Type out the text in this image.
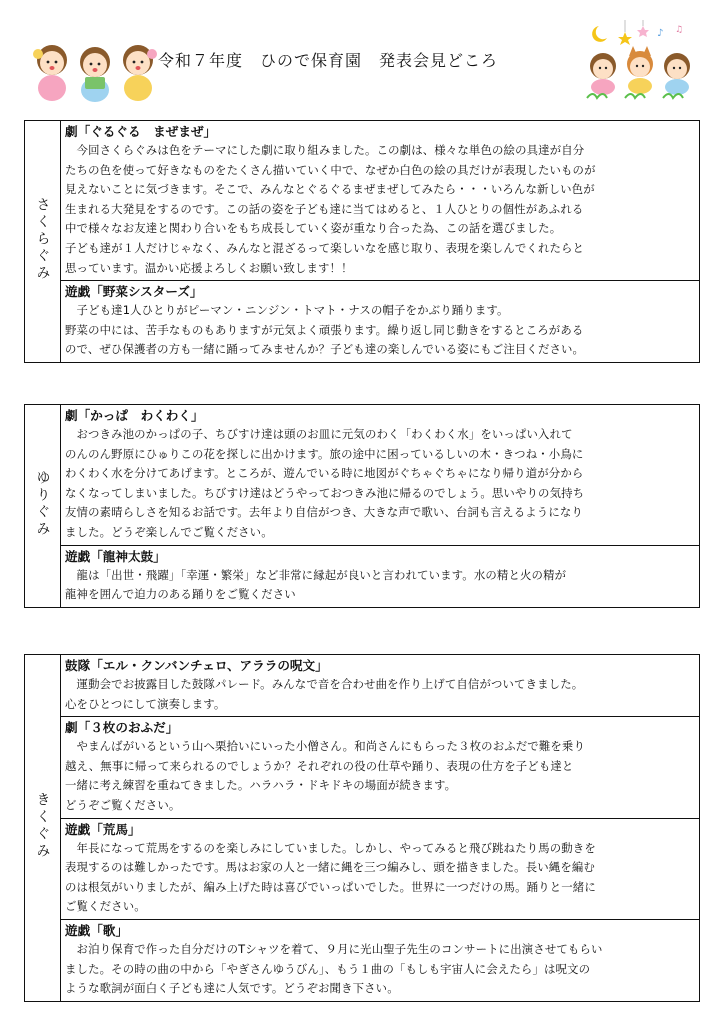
令和７年度　ひので保育園　発表会見どころ
♪ ♫
さくらぐみ	
劇「ぐるぐる　まぜまぜ」
　今回さくらぐみは色をテーマにした劇に取り組みました。この劇は、様々な単色の絵の具達が自分
たちの色を使って好きなものをたくさん描いていく中で、なぜか白色の絵の具だけが表現したいものが
見えないことに気づきます。そこで、みんなとぐるぐるまぜまぜしてみたら・・・いろんな新しい色が
生まれる大発見をするのです。この話の姿を子ども達に当てはめると、１人ひとりの個性があふれる
中で様々なお友達と関わり合いをもち成長していく姿が重なり合った為、この話を選びました。
子ども達が１人だけじゃなく、みんなと混ざるって楽しいなを感じ取り、表現を楽しんでくれたらと
思っています。温かい応援よろしくお願い致します！！

遊戯「野菜シスターズ」
　子ども達1人ひとりがピーマン・ニンジン・トマト・ナスの帽子をかぶり踊ります。
野菜の中には、苦手なものもありますが元気よく頑張ります。繰り返し同じ動きをするところがある
ので、ぜひ保護者の方も一緒に踊ってみませんか？子ども達の楽しんでいる姿にもご注目ください。
ゆりぐみ	
劇「かっぱ　わくわく」
　おつきみ池のかっぱの子、ちびすけ達は頭のお皿に元気のわく「わくわく水」をいっぱい入れて
のんのん野原にひゅりこの花を探しに出かけます。旅の途中に困っているしいの木・きつね・小鳥に
わくわく水を分けてあげます。ところが、遊んでいる時に地図がぐちゃぐちゃになり帰り道が分から
なくなってしまいました。ちびすけ達はどうやっておつきみ池に帰るのでしょう。思いやりの気持ち
友情の素晴らしさを知るお話です。去年より自信がつき、大きな声で歌い、台詞も言えるようになり
ました。どうぞ楽しんでご覧ください。

遊戯「龍神太鼓」
　龍は「出世・飛躍」「幸運・繁栄」など非常に縁起が良いと言われています。水の精と火の精が
龍神を囲んで迫力のある踊りをご覧ください
きくぐみ	
鼓隊「エル・クンバンチェロ、アララの呪文」
　運動会でお披露目した鼓隊パレード。みんなで音を合わせ曲を作り上げて自信がついてきました。
心をひとつにして演奏します。

劇「３枚のおふだ」
　やまんばがいるという山へ栗拾いにいった小僧さん。和尚さんにもらった３枚のおふだで難を乗り
越え、無事に帰って来られるのでしょうか？それぞれの役の仕草や踊り、表現の仕方を子ども達と
一緒に考え練習を重ねてきました。ハラハラ・ドキドキの場面が続きます。
どうぞご覧ください。

遊戯「荒馬」
　年長になって荒馬をするのを楽しみにしていました。しかし、やってみると飛び跳ねたり馬の動きを
表現するのは難しかったです。馬はお家の人と一緒に縄を三つ編みし、頭を描きました。長い縄を編む
のは根気がいりましたが、編み上げた時は喜びでいっぱいでした。世界に一つだけの馬。踊りと一緒に
ご覧ください。

遊戯「歌」
　お泊り保育で作った自分だけのTシャツを着て、９月に光山聖子先生のコンサートに出演させてもらい
ました。その時の曲の中から「やぎさんゆうびん」、もう１曲の「もしも宇宙人に会えたら」は呪文の
ような歌詞が面白く子ども達に人気です。どうぞお聞き下さい。
